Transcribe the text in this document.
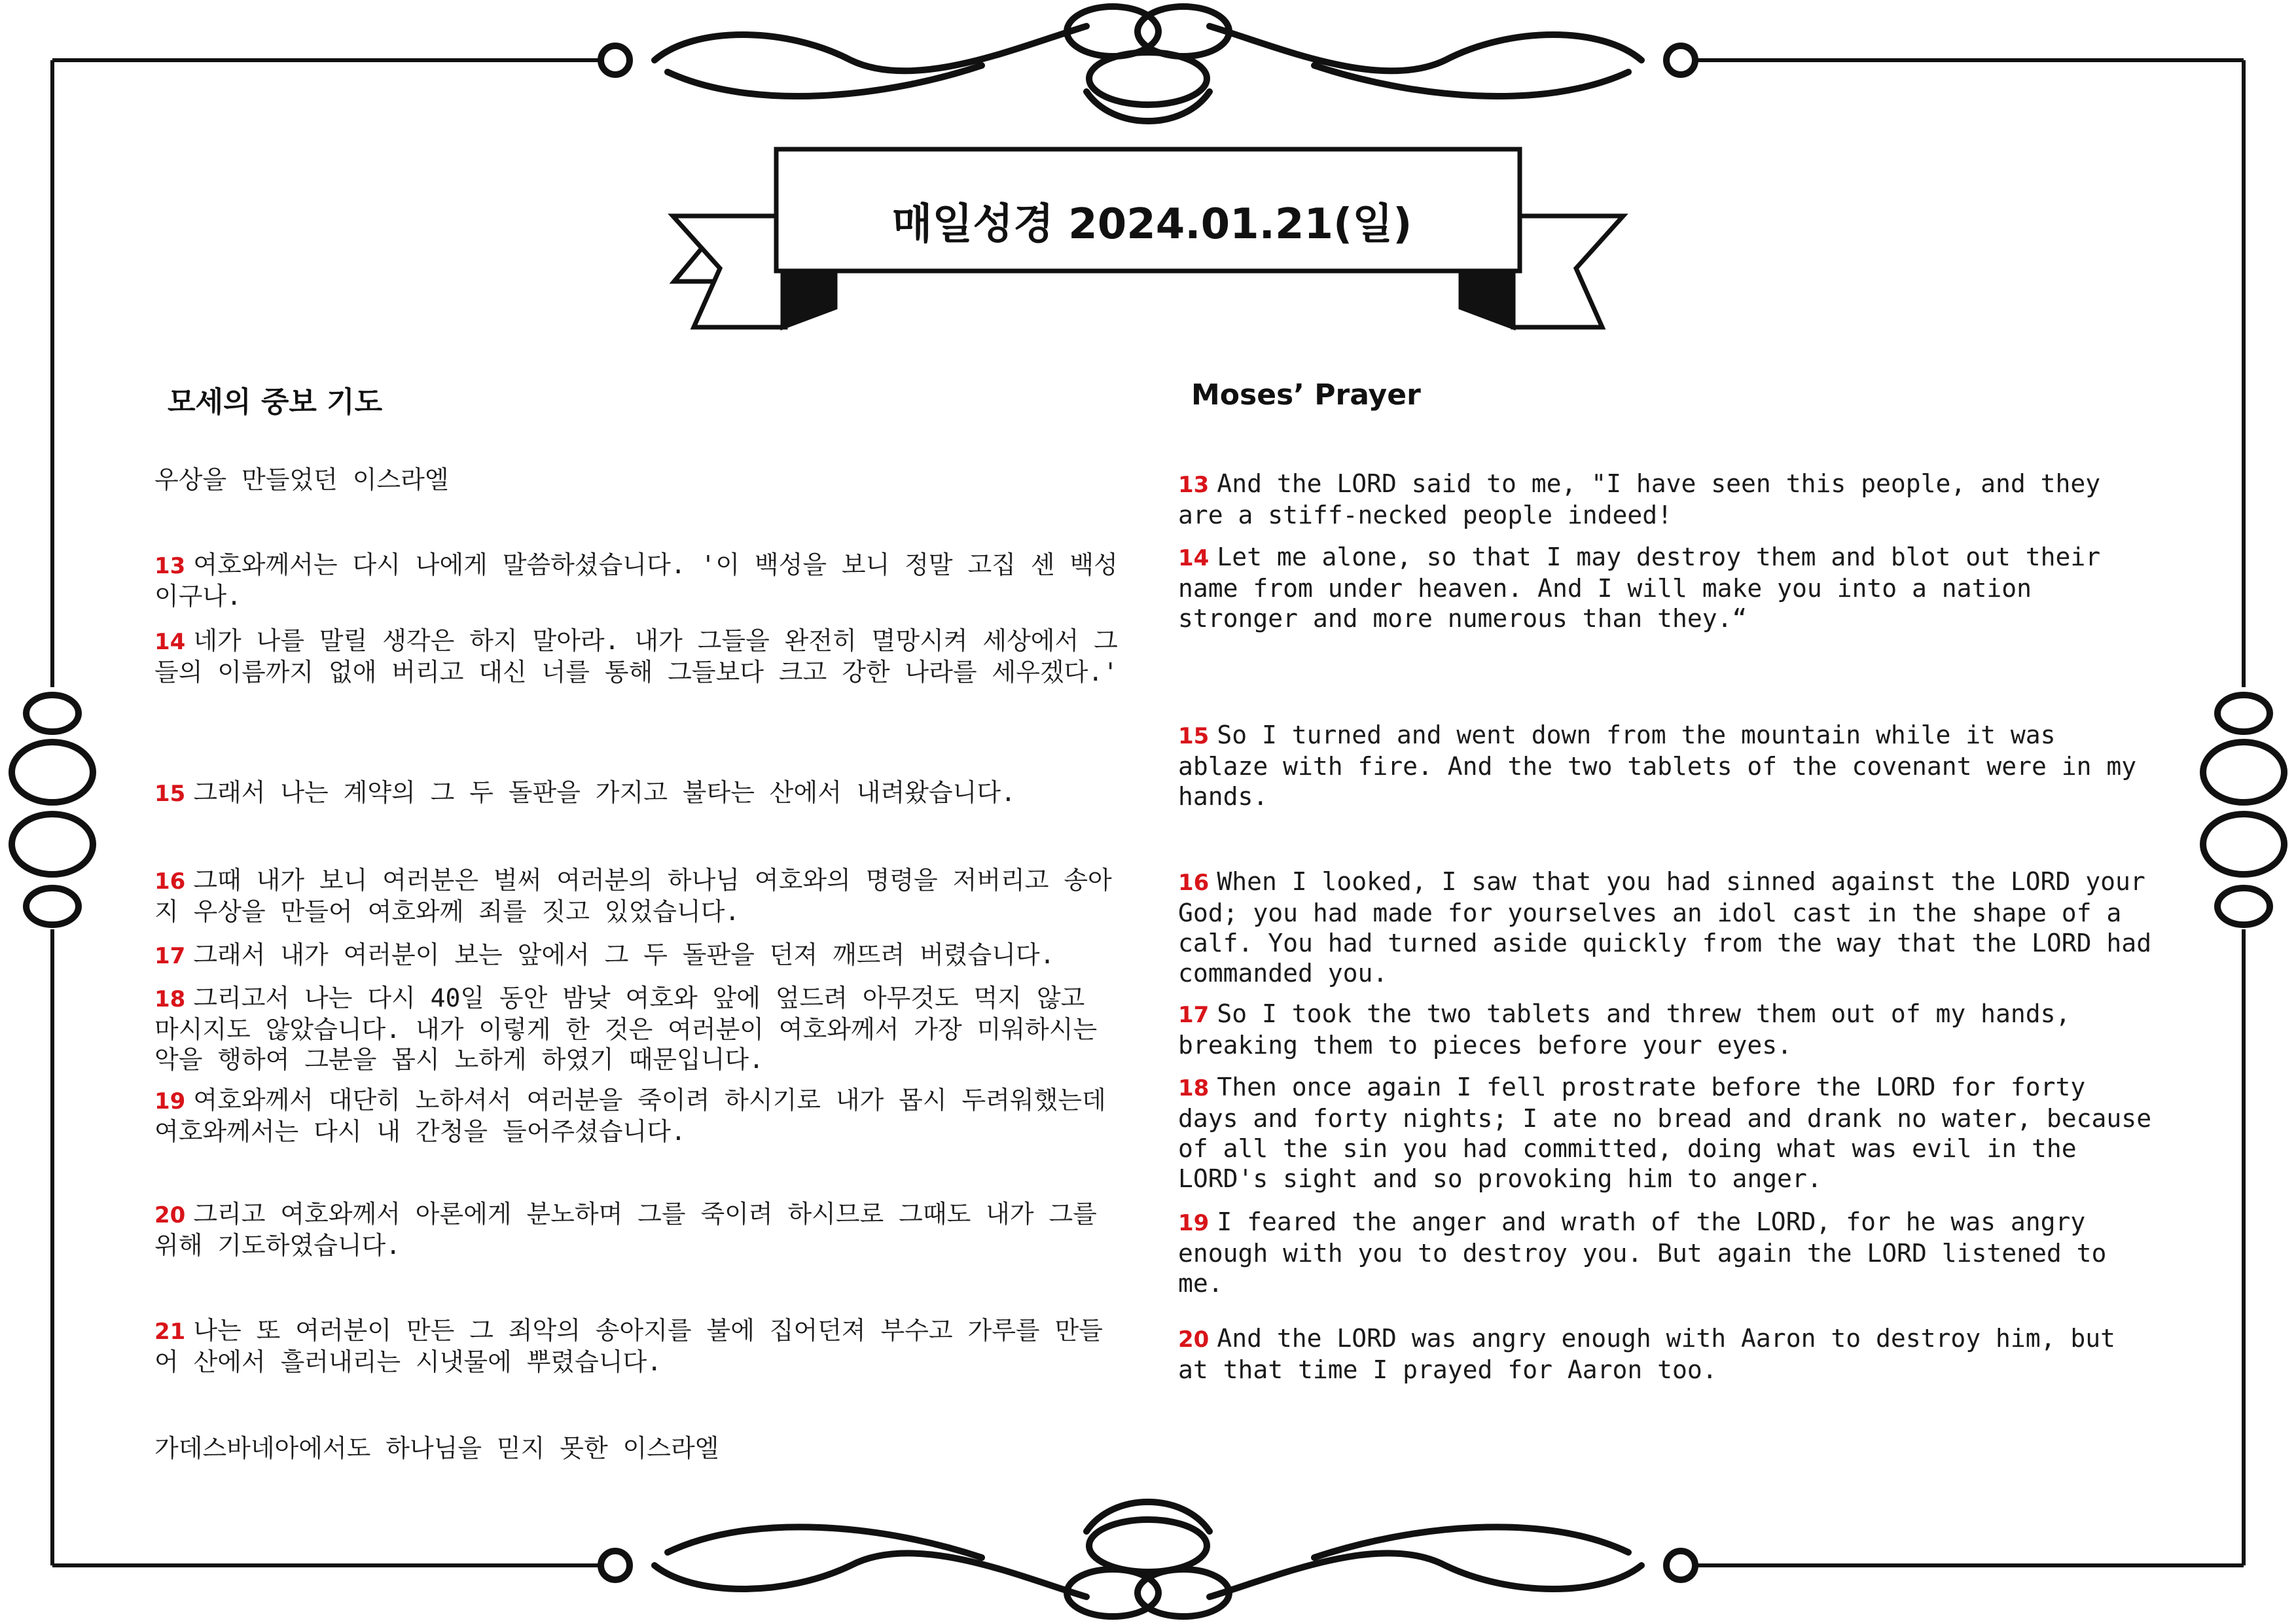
매일성경 2024.01.21(일)
모세의 중보 기도

우상을 만들었던 이스라엘

13 여호와께서는 다시 나에게 말씀하셨습니다. '이 백성을 보니 정말 고집 센 백성이구나.

14 네가 나를 말릴 생각은 하지 말아라. 내가 그들을 완전히 멸망시켜 세상에서 그들의 이름까지 없애 버리고 대신 너를 통해 그들보다 크고 강한 나라를 세우겠다.'

15 그래서 나는 계약의 그 두 돌판을 가지고 불타는 산에서 내려왔습니다.

16 그때 내가 보니 여러분은 벌써 여러분의 하나님 여호와의 명령을 저버리고 송아지 우상을 만들어 여호와께 죄를 짓고 있었습니다.

17 그래서 내가 여러분이 보는 앞에서 그 두 돌판을 던져 깨뜨려 버렸습니다.

18 그리고서 나는 다시 40일 동안 밤낮 여호와 앞에 엎드려 아무것도 먹지 않고 마시지도 않았습니다. 내가 이렇게 한 것은 여러분이 여호와께서 가장 미워하시는 악을 행하여 그분을 몹시 노하게 하였기 때문입니다.

19 여호와께서 대단히 노하셔서 여러분을 죽이려 하시기로 내가 몹시 두려워했는데 여호와께서는 다시 내 간청을 들어주셨습니다.

20 그리고 여호와께서 아론에게 분노하며 그를 죽이려 하시므로 그때도 내가 그를 위해 기도하였습니다.

21 나는 또 여러분이 만든 그 죄악의 송아지를 불에 집어던져 부수고 가루를 만들어 산에서 흘러내리는 시냇물에 뿌렸습니다.

가데스바네아에서도 하나님을 믿지 못한 이스라엘

Moses’ Prayer

13 And the LORD said to me, "I have seen this people, and they are a stiff-necked people indeed!

14 Let me alone, so that I may destroy them and blot out their name from under heaven. And I will make you into a nation stronger and more numerous than they.“

15 So I turned and went down from the mountain while it was ablaze with fire. And the two tablets of the covenant were in my hands.

16 When I looked, I saw that you had sinned against the LORD your God; you had made for yourselves an idol cast in the shape of a calf. You had turned aside quickly from the way that the LORD had commanded you.

17 So I took the two tablets and threw them out of my hands, breaking them to pieces before your eyes.

18 Then once again I fell prostrate before the LORD for forty days and forty nights; I ate no bread and drank no water, because of all the sin you had committed, doing what was evil in the LORD's sight and so provoking him to anger.

19 I feared the anger and wrath of the LORD, for he was angry enough with you to destroy you. But again the LORD listened to me.

20 And the LORD was angry enough with Aaron to destroy him, but at that time I prayed for Aaron too.
